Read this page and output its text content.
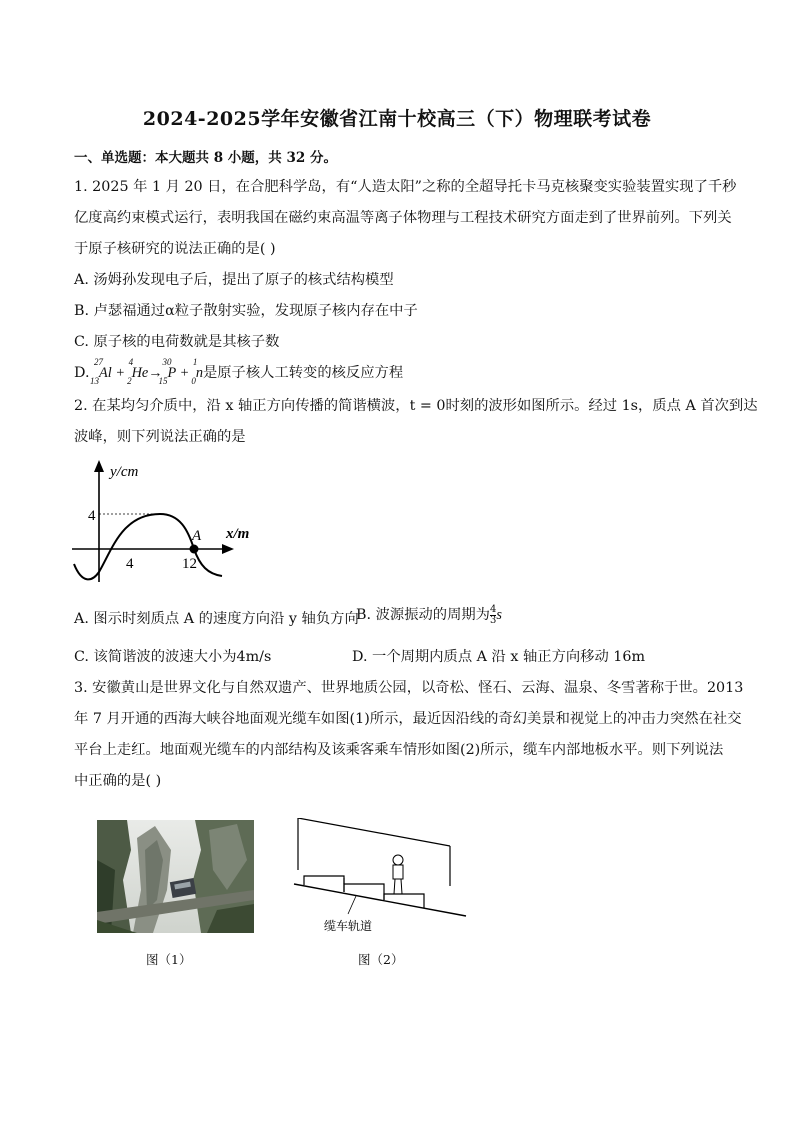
2024-2025学年安徽省江南十校高三（下）物理联考试卷
一、单选题：本大题共 8 小题，共 32 分。
1. 2025 年 1 月 20 日，在合肥科学岛，有“人造太阳”之称的全超导托卡马克核聚变实验装置实现了千秒
亿度高约束模式运行，表明我国在磁约束高温等离子体物理与工程技术研究方面走到了世界前列。下列关
于原子核研究的说法正确的是( )
A. 汤姆孙发现电子后，提出了原子的核式结构模型
B. 卢瑟福通过α粒子散射实验，发现原子核内存在中子
C. 原子核的电荷数就是其核子数
D. $^{27}_{13}$Al + $^4_2$He→$^{30}_{15}$P + $^1_0$n是原子核人工转变的核反应方程
2. 在某均匀介质中，沿 x 轴正方向传播的简谐横波，t = 0时刻的波形如图所示。经过 1s，质点 A 首次到达
波峰，则下列说法正确的是
4
4	12
A
y/cm
x/m
A. 图示时刻质点 A 的速度方向沿 y 轴负方向
B. 波源振动的周期为 $\frac{4}{3}$ s
C. 该简谐波的波速大小为4m/s	D. 一个周期内质点 A 沿 x 轴正方向移动 16m
3. 安徽黄山是世界文化与自然双遗产、世界地质公园，以奇松、怪石、云海、温泉、冬雪著称于世。2013
年 7 月开通的西海大峡谷地面观光缆车如图(1)所示，最近因沿线的奇幻美景和视觉上的冲击力突然在社交
平台上走红。地面观光缆车的内部结构及该乘客乘车情形如图(2)所示，缆车内部地板水平。则下列说法
中正确的是( )
缆车轨道
图（1）	图（2）
